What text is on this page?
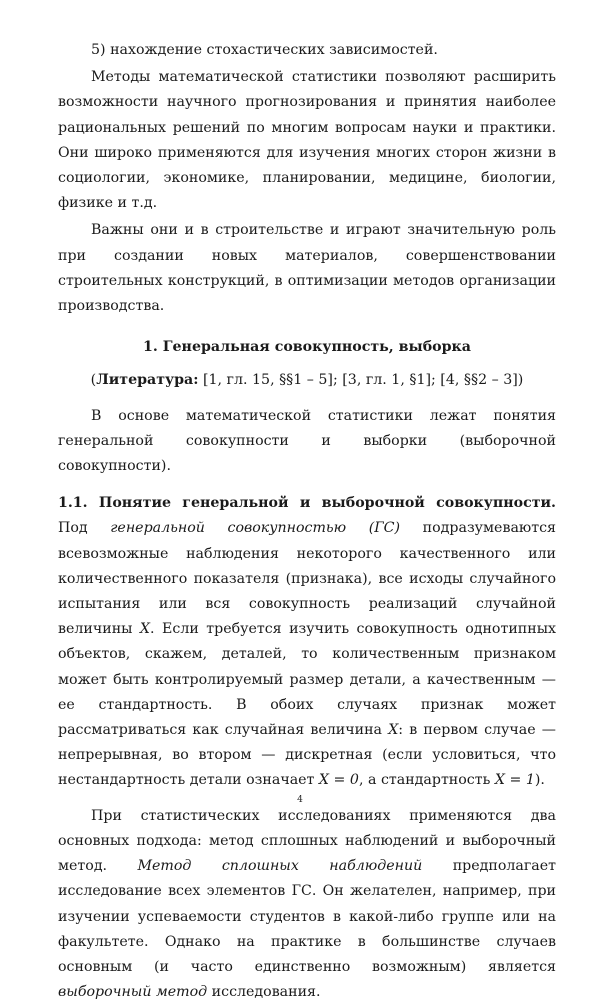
5) нахождение стохастических зависимостей.

Методы математической статистики позволяют расширить возможности научного прогнозирования и принятия наиболее рациональных решений по многим вопросам науки и практики. Они широко применяются для изучения многих сторон жизни в социологии, экономике, планировании, медицине, биологии, физике и т.д.

Важны они и в строительстве и играют значительную роль при создании новых материалов, совершенствовании строительных конструкций, в оптимизации методов организации производства.

1. Генеральная совокупность, выборка

(Литература: [1, гл. 15, §§1 – 5]; [3, гл. 1, §1]; [4, §§2 – 3])

В основе математической статистики лежат понятия генеральной совокупности и выборки (выборочной совокупности).

1.1. Понятие генеральной и выборочной совокупности. Под генеральной совокупностью (ГС) подразумеваются всевозможные наблюдения некоторого качественного или количественного показателя (признака), все исходы случайного испытания или вся совокупность реализаций случайной величины X. Если требуется изучить совокупность однотипных объектов, скажем, деталей, то количественным признаком может быть контролируемый размер детали, а качественным — ее стандартность. В обоих случаях признак может рассматриваться как случайная величина X: в первом случае — непрерывная, во втором — дискретная (если условиться, что нестандартность детали означает X = 0, а стандартность X = 1).

При статистических исследованиях применяются два основных подхода: метод сплошных наблюдений и выборочный метод. Метод сплошных наблюдений предполагает исследование всех элементов ГС. Он желателен, например, при изучении успеваемости студентов в какой-либо группе или на факультете. Однако на практике в большинстве случаев основным (и часто единственно возможным) является выборочный метод исследования.

4
